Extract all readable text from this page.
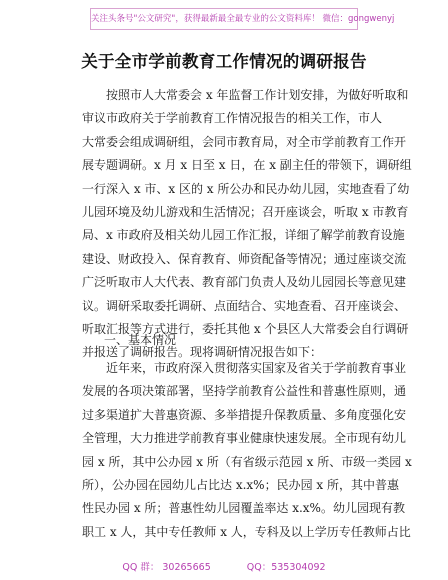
关注头条号"公文研究"，获得最新最全最专业的公文资料库！ 微信：gongwenyj
关于全市学前教育工作情况的调研报告
按照市人大常委会 x 年监督工作计划安排，为做好听取和
审议市政府关于学前教育工作情况报告的相关工作，市人
大常委会组成调研组，会同市教育局，对全市学前教育工作开
展专题调研。x 月 x 日至 x 日，在 x 副主任的带领下，调研组
一行深入 x 市、x 区的 x 所公办和民办幼儿园，实地查看了幼
儿园环境及幼儿游戏和生活情况；召开座谈会，听取 x 市教育
局、x 市政府及相关幼儿园工作汇报，详细了解学前教育设施
建设、财政投入、保育教育、师资配备等情况；通过座谈交流
广泛听取市人大代表、教育部门负责人及幼儿园园长等意见建
议。调研采取委托调研、点面结合、实地查看、召开座谈会、
听取汇报等方式进行，委托其他 x 个县区人大常委会自行调研
并报送了调研报告。现将调研情况报告如下：
一、基本情况
近年来，市政府深入贯彻落实国家及省关于学前教育事业
发展的各项决策部署，坚持学前教育公益性和普惠性原则，通
过多渠道扩大普惠资源、多举措提升保教质量、多角度强化安
全管理，大力推进学前教育事业健康快速发展。全市现有幼儿
园 x 所，其中公办园 x 所（有省级示范园 x 所、市级一类园 x
所），公办园在园幼儿占比达 x.x%；民办园 x 所，其中普惠
性民办园 x 所；普惠性幼儿园覆盖率达 x.x%。幼儿园现有教
职工 x 人，其中专任教师 x 人，专科及以上学历专任教师占比
QQ 群： 30265665	QQ：535304092
